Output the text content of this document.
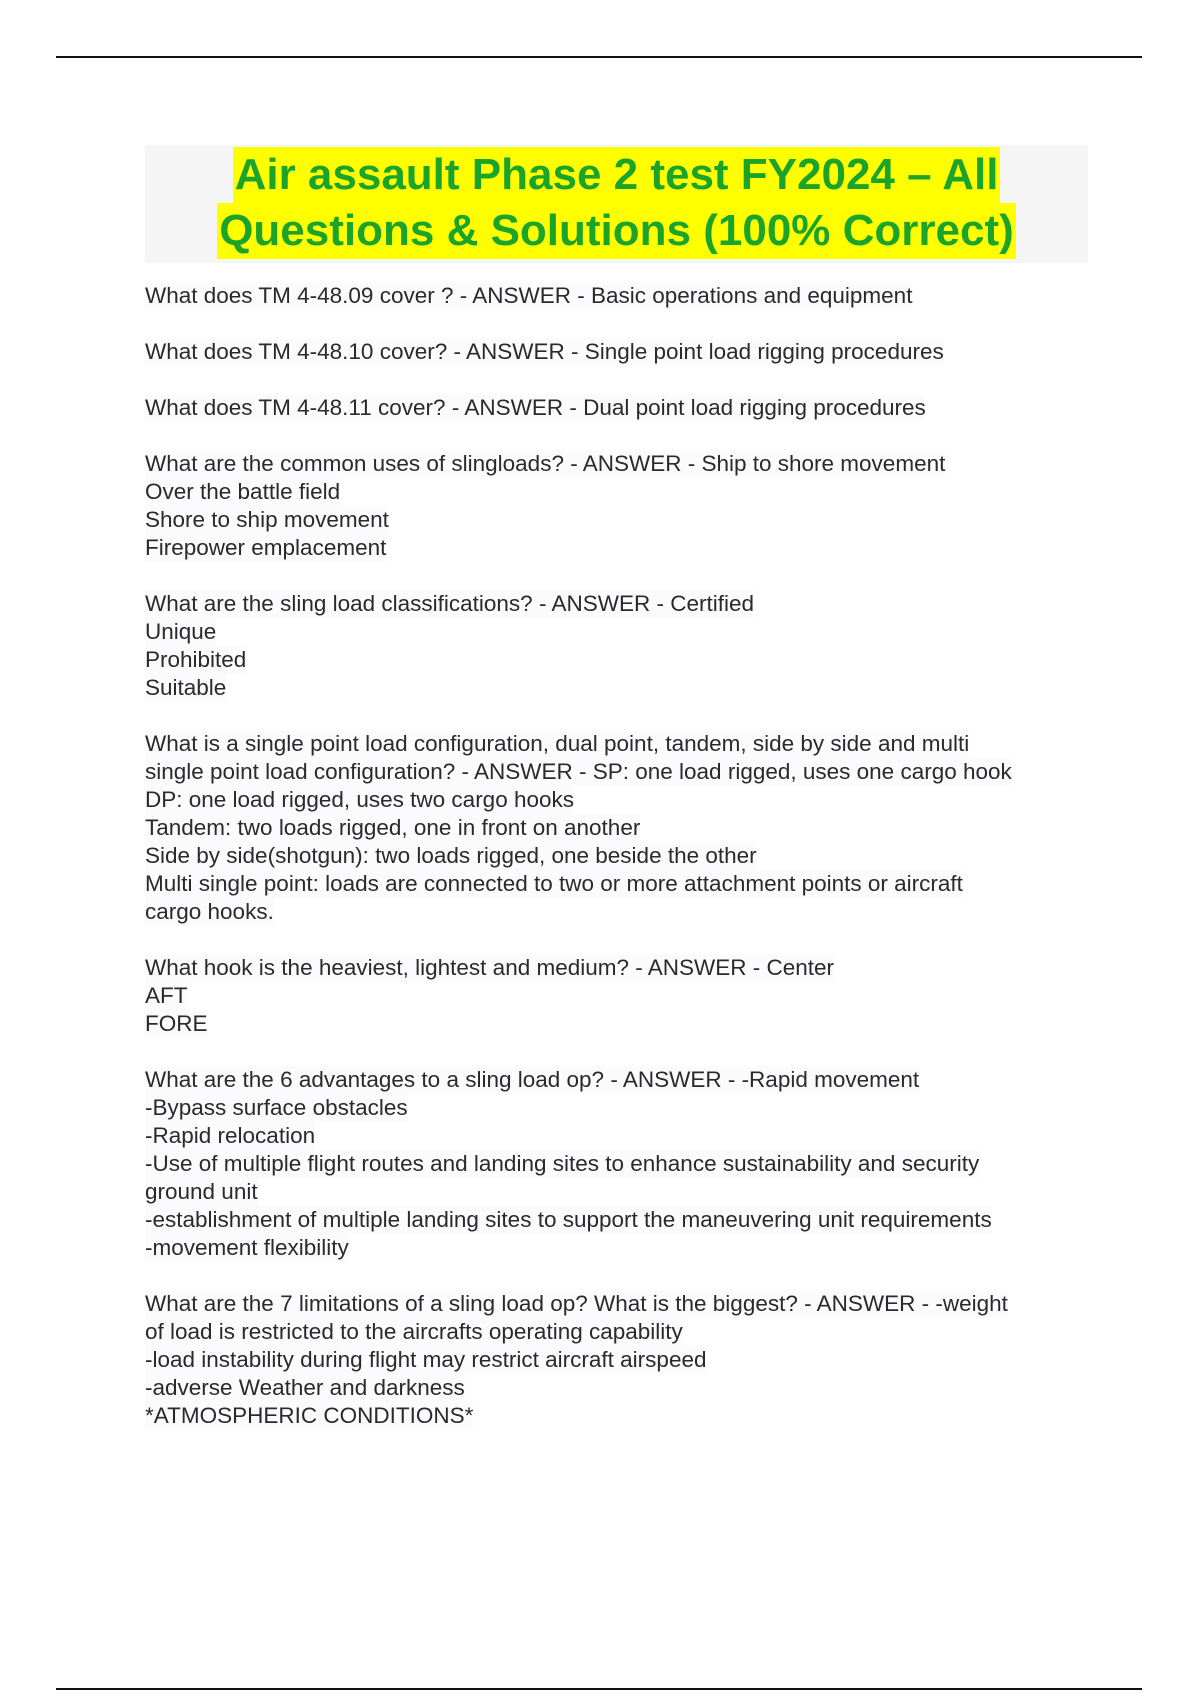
Air assault Phase 2 test FY2024 – All
Questions & Solutions (100% Correct)
What does TM 4-48.09 cover ? - ANSWER - Basic operations and equipment
What does TM 4-48.10 cover? - ANSWER - Single point load rigging procedures
What does TM 4-48.11 cover? - ANSWER - Dual point load rigging procedures
What are the common uses of slingloads? - ANSWER - Ship to shore movement
Over the battle field
Shore to ship movement
Firepower emplacement
What are the sling load classifications? - ANSWER - Certified
Unique
Prohibited
Suitable
What is a single point load configuration, dual point, tandem, side by side and multi
single point load configuration? - ANSWER - SP: one load rigged, uses one cargo hook
DP: one load rigged, uses two cargo hooks
Tandem: two loads rigged, one in front on another
Side by side(shotgun): two loads rigged, one beside the other
Multi single point: loads are connected to two or more attachment points or aircraft
cargo hooks.
What hook is the heaviest, lightest and medium? - ANSWER - Center
AFT
FORE
What are the 6 advantages to a sling load op? - ANSWER - -Rapid movement
-Bypass surface obstacles
-Rapid relocation
-Use of multiple flight routes and landing sites to enhance sustainability and security
ground unit
-establishment of multiple landing sites to support the maneuvering unit requirements
-movement flexibility
What are the 7 limitations of a sling load op? What is the biggest? - ANSWER - -weight
of load is restricted to the aircrafts operating capability
-load instability during flight may restrict aircraft airspeed
-adverse Weather and darkness
*ATMOSPHERIC CONDITIONS*
